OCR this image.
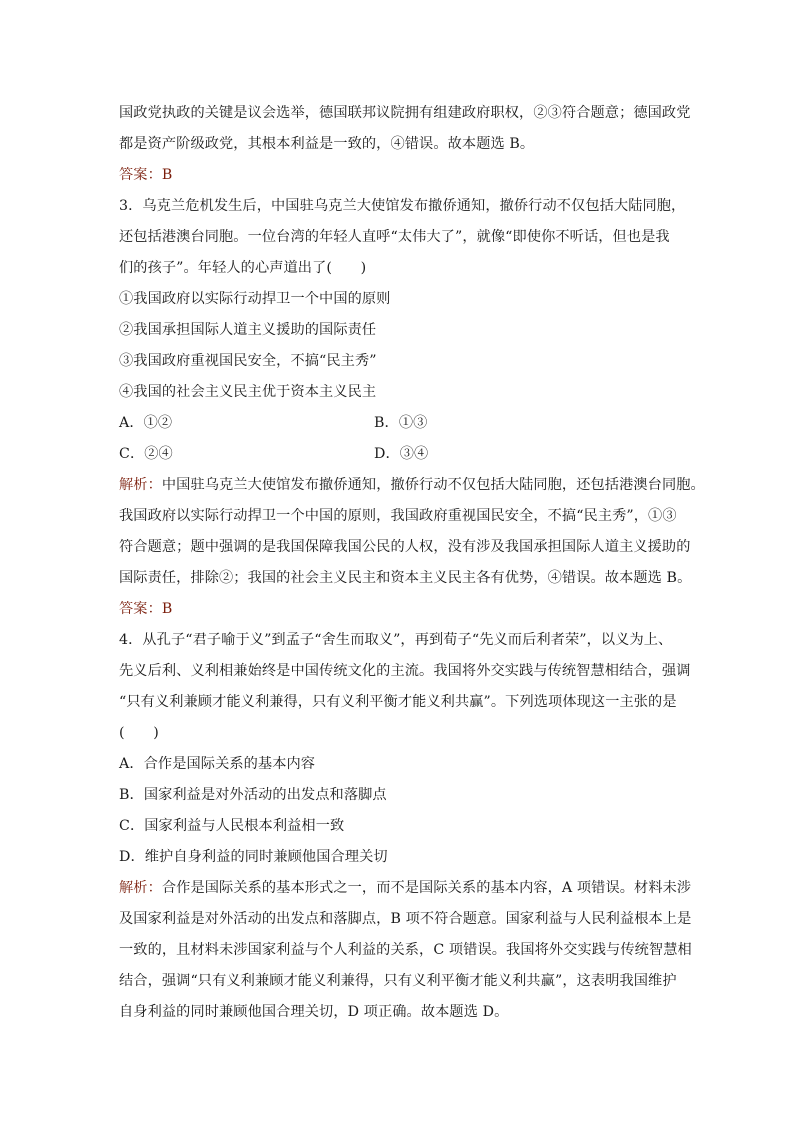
国政党执政的关键是议会选举，德国联邦议院拥有组建政府职权，②③符合题意；德国政党
都是资产阶级政党，其根本利益是一致的，④错误。故本题选 B。
答案：B
3．乌克兰危机发生后，中国驻乌克兰大使馆发布撤侨通知，撤侨行动不仅包括大陆同胞，
还包括港澳台同胞。一位台湾的年轻人直呼“太伟大了”，就像“即使你不听话，但也是我
们的孩子”。年轻人的心声道出了(　　)
①我国政府以实际行动捍卫一个中国的原则
②我国承担国际人道主义援助的国际责任
③我国政府重视国民安全，不搞“民主秀”
④我国的社会主义民主优于资本主义民主
A．①②	B．①③
C．②④	D．③④
解析：中国驻乌克兰大使馆发布撤侨通知，撤侨行动不仅包括大陆同胞，还包括港澳台同胞。
我国政府以实际行动捍卫一个中国的原则，我国政府重视国民安全，不搞“民主秀”，①③
符合题意；题中强调的是我国保障我国公民的人权，没有涉及我国承担国际人道主义援助的
国际责任，排除②；我国的社会主义民主和资本主义民主各有优势，④错误。故本题选 B。
答案：B
4．从孔子“君子喻于义”到孟子“舍生而取义”，再到荀子“先义而后利者荣”，以义为上、
先义后利、义利相兼始终是中国传统文化的主流。我国将外交实践与传统智慧相结合，强调
“只有义利兼顾才能义利兼得，只有义利平衡才能义利共赢”。下列选项体现这一主张的是
(　　)
A．合作是国际关系的基本内容
B．国家利益是对外活动的出发点和落脚点
C．国家利益与人民根本利益相一致
D．维护自身利益的同时兼顾他国合理关切
解析：合作是国际关系的基本形式之一，而不是国际关系的基本内容，A 项错误。材料未涉
及国家利益是对外活动的出发点和落脚点，B 项不符合题意。国家利益与人民利益根本上是
一致的，且材料未涉国家利益与个人利益的关系，C 项错误。我国将外交实践与传统智慧相
结合，强调“只有义利兼顾才能义利兼得，只有义利平衡才能义利共赢”，这表明我国维护
自身利益的同时兼顾他国合理关切，D 项正确。故本题选 D。
